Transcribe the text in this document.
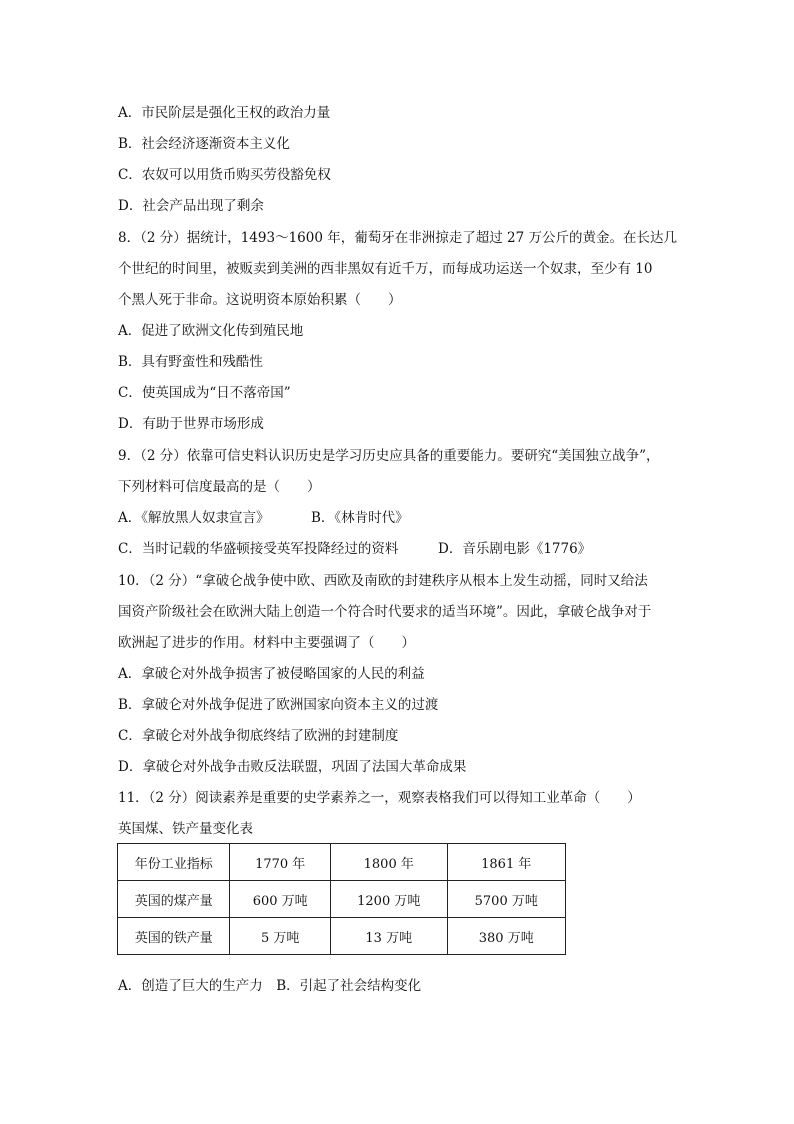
A．市民阶层是强化王权的政治力量
B．社会经济逐渐资本主义化
C．农奴可以用货币购买劳役豁免权
D．社会产品出现了剩余
8．（2 分）据统计，1493～1600 年，葡萄牙在非洲掠走了超过 27 万公斤的黄金。在长达几
个世纪的时间里，被贩卖到美洲的西非黑奴有近千万，而每成功运送一个奴隶，至少有 10
个黑人死于非命。这说明资本原始积累（　　）
A．促进了欧洲文化传到殖民地
B．具有野蛮性和残酷性
C．使英国成为“日不落帝国”
D．有助于世界市场形成
9．（2 分）依靠可信史料认识历史是学习历史应具备的重要能力。要研究“美国独立战争”，
下列材料可信度最高的是（　　）
A．《解放黑人奴隶宣言》	B．《林肯时代》
C．当时记载的华盛顿接受英军投降经过的资料	D．音乐剧电影《1776》
10．（2 分）“拿破仑战争使中欧、西欧及南欧的封建秩序从根本上发生动摇，同时又给法
国资产阶级社会在欧洲大陆上创造一个符合时代要求的适当环境”。因此，拿破仑战争对于
欧洲起了进步的作用。材料中主要强调了（　　）
A．拿破仑对外战争损害了被侵略国家的人民的利益
B．拿破仑对外战争促进了欧洲国家向资本主义的过渡
C．拿破仑对外战争彻底终结了欧洲的封建制度
D．拿破仑对外战争击败反法联盟，巩固了法国大革命成果
11．（2 分）阅读素养是重要的史学素养之一，观察表格我们可以得知工业革命（　　）
英国煤、铁产量变化表
年份工业指标	1770 年	1800 年	1861 年
英国的煤产量	600 万吨	1200 万吨	5700 万吨
英国的铁产量	5 万吨	13 万吨	380 万吨
A．创造了巨大的生产力　B．引起了社会结构变化
